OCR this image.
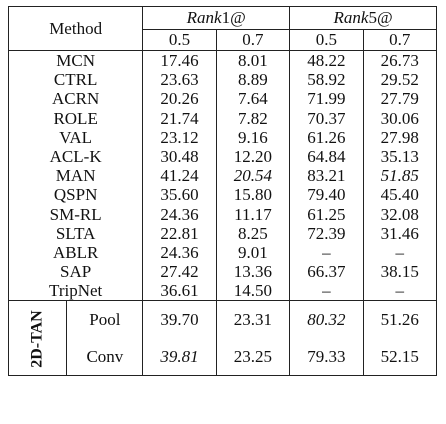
Method		Rank1@		Rank5@	
		0.5	0.7	0.5	0.7
MCN		17.46	8.01	48.22	26.73
CTRL		23.63	8.89	58.92	29.52
ACRN		20.26	7.64	71.99	27.79
ROLE		21.74	7.82	70.37	30.06
VAL		23.12	9.16	61.26	27.98
ACL-K		30.48	12.20	64.84	35.13
MAN		41.24	20.54	83.21	51.85
QSPN		35.60	15.80	79.40	45.40
SM-RL		24.36	11.17	61.25	32.08
SLTA		22.81	8.25	72.39	31.46
ABLR		24.36	9.01	–	–
SAP		27.42	13.36	66.37	38.15
TripNet		36.61	14.50	–	–
2D-TAN	Pool	39.70	23.31	80.32	51.26
	Conv	39.81	23.25	79.33	52.15
